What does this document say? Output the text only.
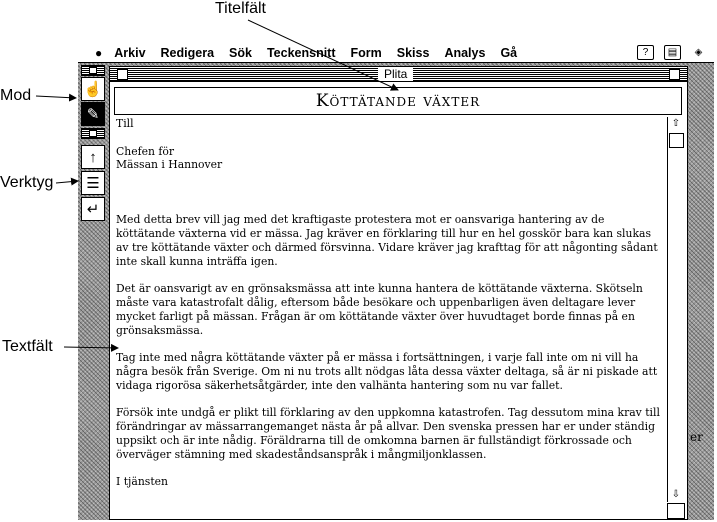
● Arkiv Redigera Sök Teckensnitt Form Skiss Analys Gå	?	▤	◈
☝
✎
↑
☰
↵
Plita
Köttätande växter

Till

Chefen för
Mässan i Hannover

Med detta brev vill jag med det kraftigaste protestera mot er oansvariga hantering av de köttätande växterna vid er mässa. Jag kräver en förklaring till hur en hel gosskör bara kan slukas av tre köttätande växter och därmed försvinna. Vidare kräver jag krafttag för att någonting sådant inte skall kunna inträffa igen.

Det är oansvarigt av en grönsaksmässa att inte kunna hantera de köttätande växterna. Skötseln måste vara katastrofalt dålig, eftersom både besökare och uppenbarligen även deltagare lever mycket farligt på mässan. Frågan är om köttätande växter över huvudtaget borde finnas på en grönsaksmässa.

Tag inte med några köttätande växter på er mässa i fortsättningen, i varje fall inte om ni vill ha några besök från Sverige. Om ni nu trots allt nödgas låta dessa växter deltaga, så är ni piskade att vidaga rigorösa säkerhetsåtgärder, inte den valhänta hantering som nu var fallet.

Försök inte undgå er plikt till förklaring av den uppkomna katastrofen. Tag dessutom mina krav till förändringar av mässarrangemanget nästa år på allvar. Den svenska pressen har er under ständig uppsikt och är inte nådig. Föräldrarna till de omkomna barnen är fullständigt förkrossade och överväger stämning med skadeståndsanspråk i mångmiljonklassen.

I tjänsten

⇧
⇩
er
Titelfält
Mod
Verktyg
Textfält
